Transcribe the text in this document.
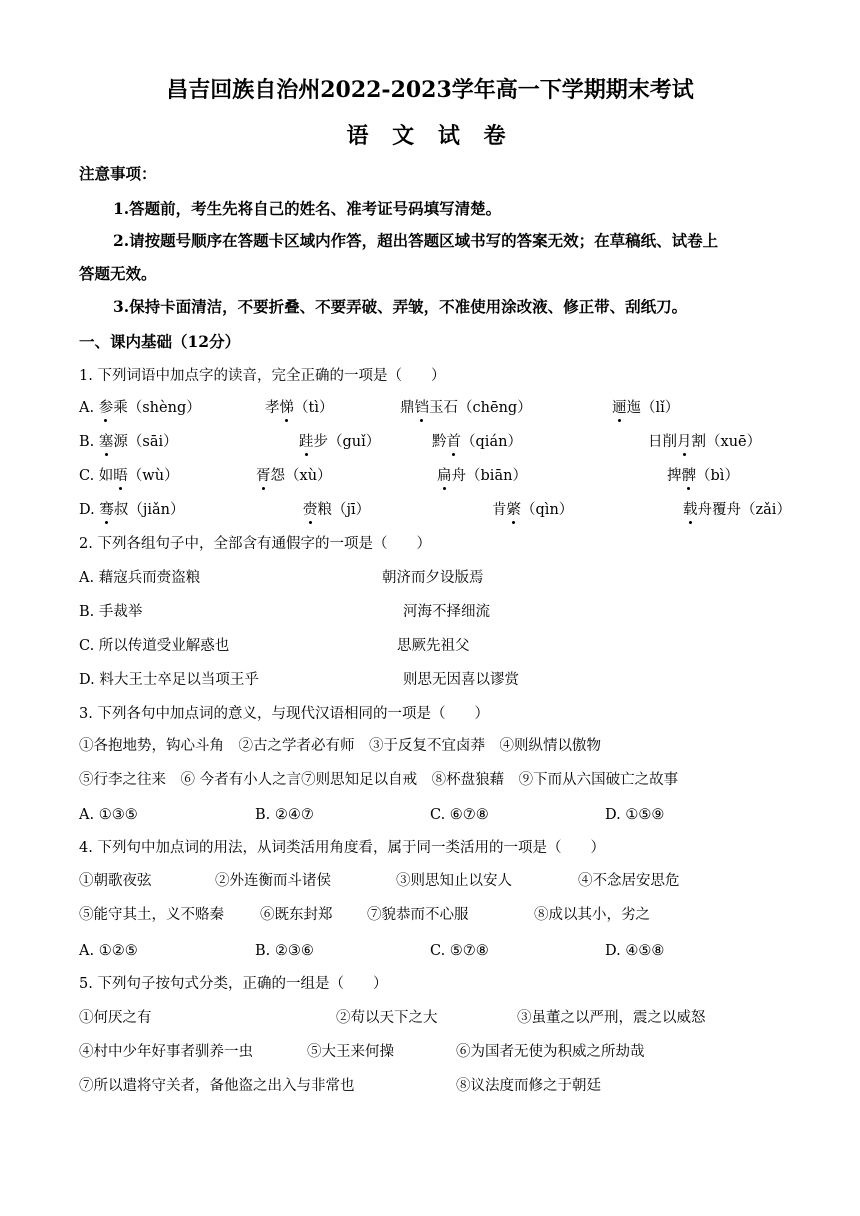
昌吉回族自治州2022-2023学年高一下学期期末考试
语 文 试 卷
注意事项：
1.答题前，考生先将自己的姓名、准考证号码填写清楚。
2.请按题号顺序在答题卡区域内作答，超出答题区域书写的答案无效；在草稿纸、试卷上
答题无效。
3.保持卡面清洁，不要折叠、不要弄破、弄皱，不准使用涂改液、修正带、刮纸刀。
一、课内基础（12分）
1. 下列词语中加点字的读音，完全正确的一项是（　　）
A. 参乘（shèng）	孝悌（tì）	鼎铛玉石（chēng）	逦迤（lǐ）
B. 塞源（sāi）	跬步（guǐ）	黔首（qián）	日削月割（xuē）
C. 如晤（wù）	胥怨（xù）	扁舟（biān）	捭髀（bì）
D. 骞叔（jiǎn）	赍粮（jī）	肯綮（qìn）	载舟覆舟（zǎi）
2. 下列各组句子中，全部含有通假字的一项是（　　）
A. 藉寇兵而赍盗粮	朝济而夕设版焉
B. 手裁举	河海不择细流
C. 所以传道受业解惑也	思厥先祖父
D. 料大王士卒足以当项王乎	则思无因喜以谬赏
3. 下列各句中加点词的意义，与现代汉语相同的一项是（　　）
①各抱地势，钩心斗角　②古之学者必有师　③于反复不宜卤莽　④则纵情以傲物
⑤行李之往来　⑥ 今者有小人之言⑦则思知足以自戒　⑧杯盘狼藉　⑨下而从六国破亡之故事
A. ①③⑤	B. ②④⑦	C. ⑥⑦⑧	D. ①⑤⑨
4. 下列句中加点词的用法，从词类活用角度看，属于同一类活用的一项是（　　）
①朝歌夜弦	②外连衡而斗诸侯	③则思知止以安人	④不念居安思危
⑤能守其土，义不赂秦 ⑥既东封郑 ⑦貌恭而不心服	⑧成以其小，劣之
A. ①②⑤	B. ②③⑥	C. ⑤⑦⑧	D. ④⑤⑧
5. 下列句子按句式分类，正确的一组是（　　）
①何厌之有	②苟以天下之大	③虽董之以严刑，震之以威怒
④村中少年好事者驯养一虫	⑤大王来何操	⑥为国者无使为积威之所劫哉
⑦所以遣将守关者，备他盗之出入与非常也	⑧议法度而修之于朝廷
